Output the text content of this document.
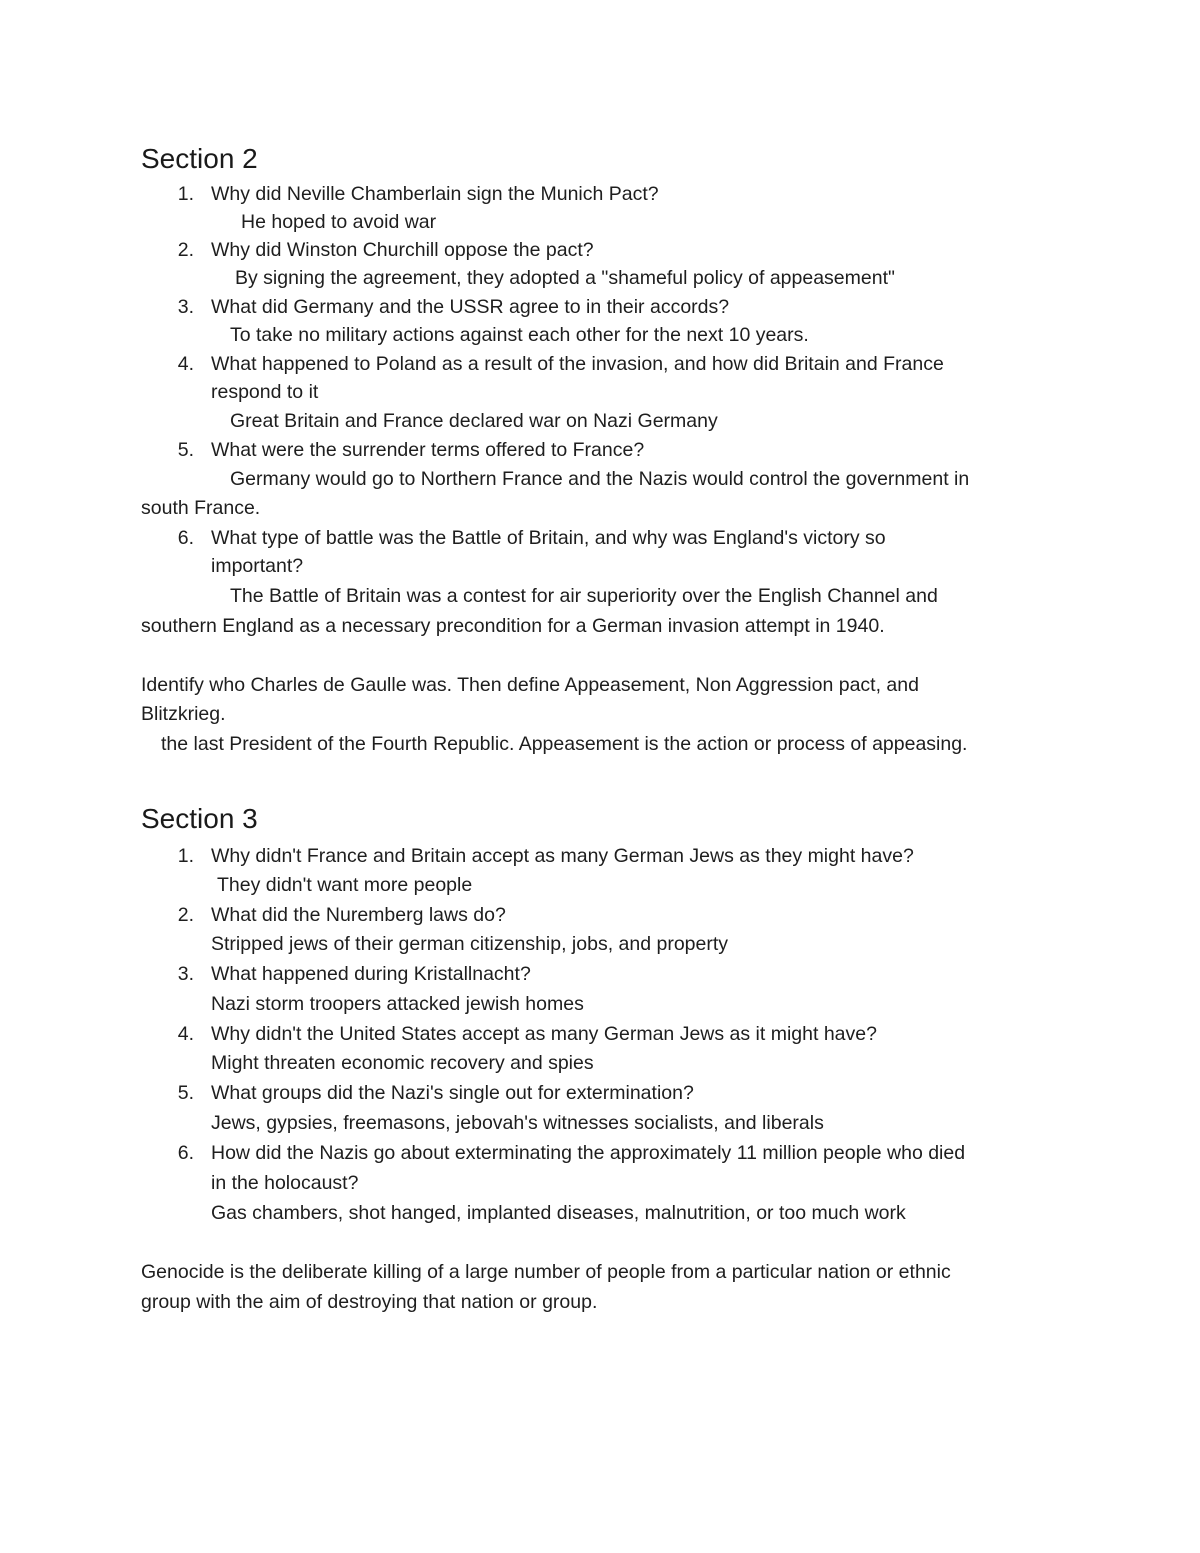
Section 2
1. Why did Neville Chamberlain sign the Munich Pact?
He hoped to avoid war
2. Why did Winston Churchill oppose the pact?
By signing the agreement, they adopted a "shameful policy of appeasement"
3. What did Germany and the USSR agree to in their accords?
To take no military actions against each other for the next 10 years.
4. What happened to Poland as a result of the invasion, and how did Britain and France
respond to it
Great Britain and France declared war on Nazi Germany
5. What were the surrender terms offered to France?
Germany would go to Northern France and the Nazis would control the government in
south France.
6. What type of battle was the Battle of Britain, and why was England's victory so
important?
The Battle of Britain was a contest for air superiority over the English Channel and
southern England as a necessary precondition for a German invasion attempt in 1940.
Identify who Charles de Gaulle was. Then define Appeasement, Non Aggression pact, and
Blitzkrieg.
the last President of the Fourth Republic. Appeasement is the action or process of appeasing.
Section 3
1. Why didn't France and Britain accept as many German Jews as they might have?
They didn't want more people
2. What did the Nuremberg laws do?
Stripped jews of their german citizenship, jobs, and property
3. What happened during Kristallnacht?
Nazi storm troopers attacked jewish homes
4. Why didn't the United States accept as many German Jews as it might have?
Might threaten economic recovery and spies
5. What groups did the Nazi's single out for extermination?
Jews, gypsies, freemasons, jebovah's witnesses socialists, and liberals
6. How did the Nazis go about exterminating the approximately 11 million people who died
in the holocaust?
Gas chambers, shot hanged, implanted diseases, malnutrition, or too much work
Genocide is the deliberate killing of a large number of people from a particular nation or ethnic
group with the aim of destroying that nation or group.
